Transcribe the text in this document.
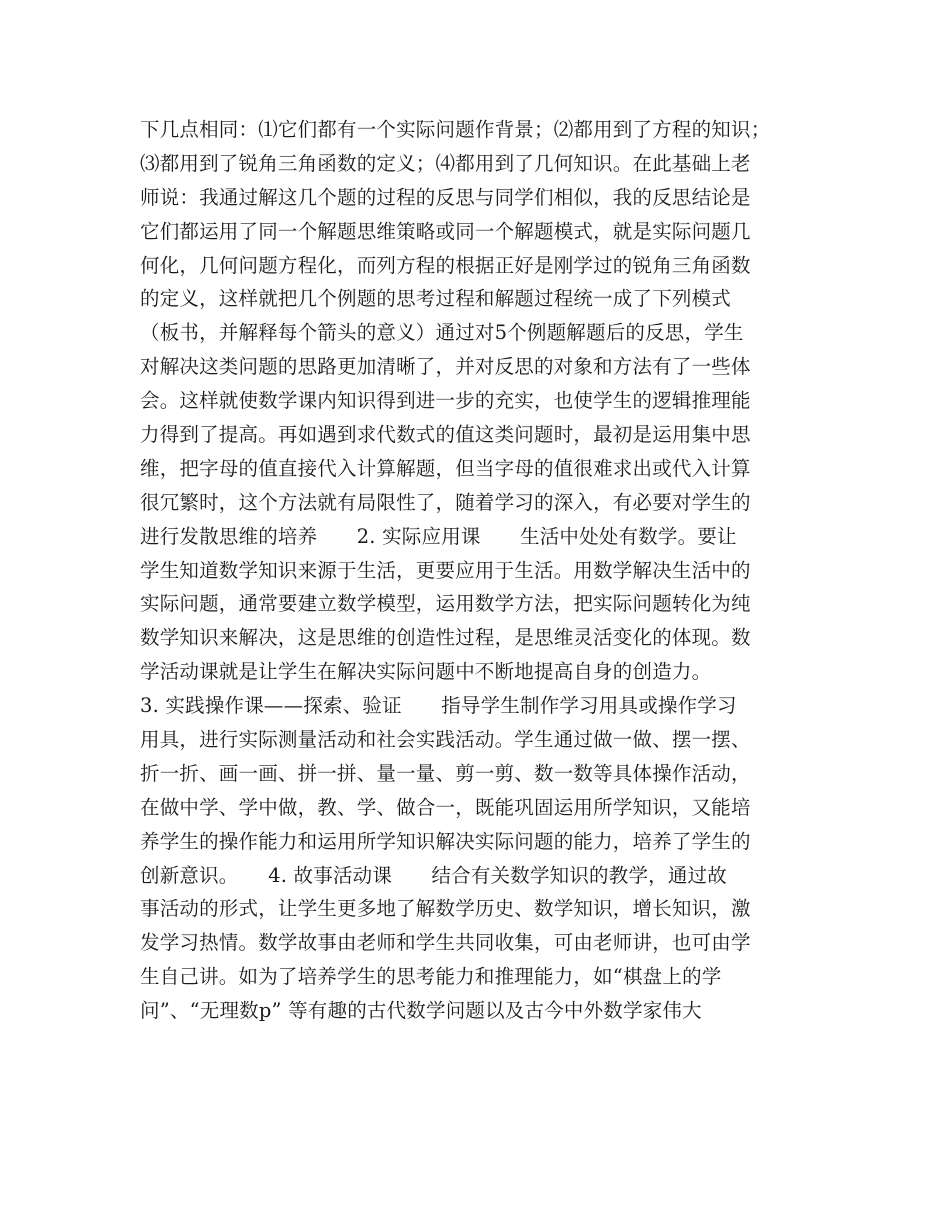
下几点相同：⑴它们都有一个实际问题作背景；⑵都用到了方程的知识；
⑶都用到了锐角三角函数的定义；⑷都用到了几何知识。在此基础上老
师说：我通过解这几个题的过程的反思与同学们相似，我的反思结论是
它们都运用了同一个解题思维策略或同一个解题模式，就是实际问题几
何化，几何问题方程化，而列方程的根据正好是刚学过的锐角三角函数
的定义，这样就把几个例题的思考过程和解题过程统一成了下列模式
（板书，并解释每个箭头的意义）通过对5个例题解题后的反思，学生
对解决这类问题的思路更加清晰了，并对反思的对象和方法有了一些体
会。这样就使数学课内知识得到进一步的充实，也使学生的逻辑推理能
力得到了提高。再如遇到求代数式的值这类问题时，最初是运用集中思
维，把字母的值直接代入计算解题，但当字母的值很难求出或代入计算
很冗繁时，这个方法就有局限性了，随着学习的深入，有必要对学生的
进行发散思维的培养　　2. 实际应用课　　生活中处处有数学。要让
学生知道数学知识来源于生活，更要应用于生活。用数学解决生活中的
实际问题，通常要建立数学模型，运用数学方法，把实际问题转化为纯
数学知识来解决，这是思维的创造性过程，是思维灵活变化的体现。数
学活动课就是让学生在解决实际问题中不断地提高自身的创造力。
3. 实践操作课——探索、验证　　指导学生制作学习用具或操作学习
用具，进行实际测量活动和社会实践活动。学生通过做一做、摆一摆、
折一折、画一画、拼一拼、量一量、剪一剪、数一数等具体操作活动，
在做中学、学中做，教、学、做合一，既能巩固运用所学知识，又能培
养学生的操作能力和运用所学知识解决实际问题的能力，培养了学生的
创新意识。　　4. 故事活动课　　结合有关数学知识的教学，通过故
事活动的形式，让学生更多地了解数学历史、数学知识，增长知识，激
发学习热情。数学故事由老师和学生共同收集，可由老师讲，也可由学
生自己讲。如为了培养学生的思考能力和推理能力，如“棋盘上的学
问”、“无理数p” 等有趣的古代数学问题以及古今中外数学家伟大
